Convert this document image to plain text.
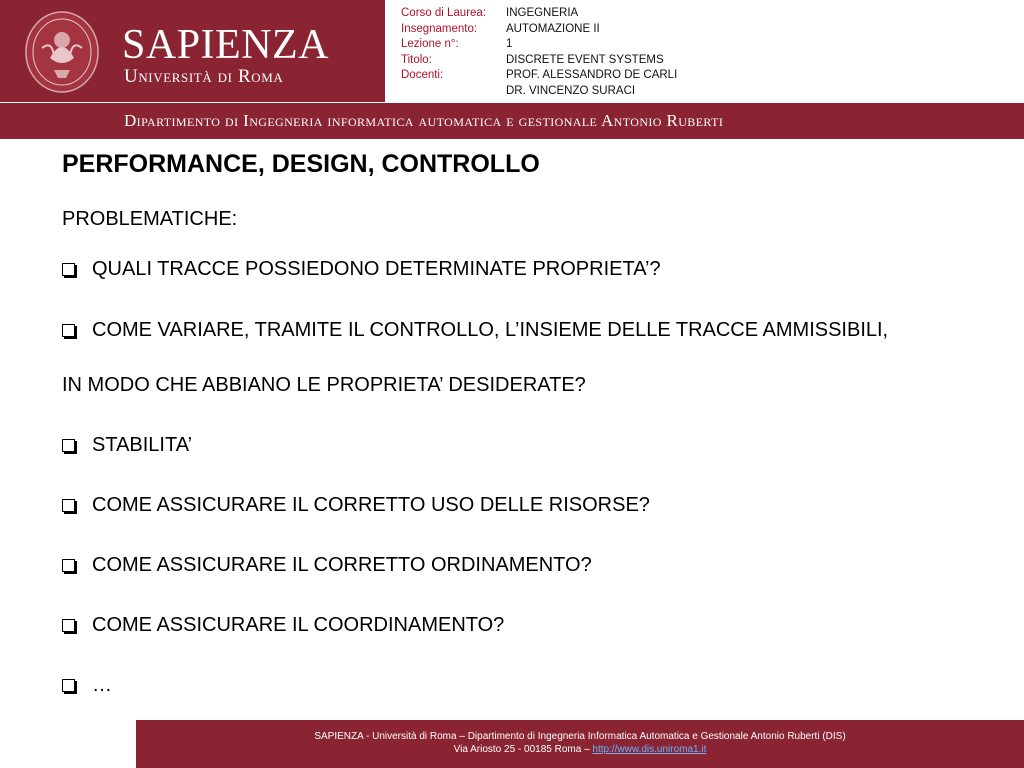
SAPIENZA
Università di Roma
Corso di Laurea:	INGEGNERIA
Insegnamento:	AUTOMAZIONE II
Lezione n°:	1
Titolo:	DISCRETE EVENT SYSTEMS
Docenti:	PROF. ALESSANDRO DE CARLI
DR. VINCENZO SURACI
Dipartimento di Ingegneria informatica automatica e gestionale Antonio Ruberti
PERFORMANCE, DESIGN, CONTROLLO
PROBLEMATICHE:
QUALI TRACCE POSSIEDONO DETERMINATE PROPRIETA’?
COME VARIARE, TRAMITE IL CONTROLLO, L’INSIEME DELLE TRACCE AMMISSIBILI,
IN MODO CHE ABBIANO LE PROPRIETA’ DESIDERATE?
STABILITA’
COME ASSICURARE IL CORRETTO USO DELLE RISORSE?
COME ASSICURARE IL CORRETTO ORDINAMENTO?
COME ASSICURARE IL COORDINAMENTO?
…
SAPIENZA - Università di Roma – Dipartimento di Ingegneria Informatica Automatica e Gestionale Antonio Ruberti (DIS)
Via Ariosto 25 - 00185 Roma – http://www.dis.uniroma1.it
